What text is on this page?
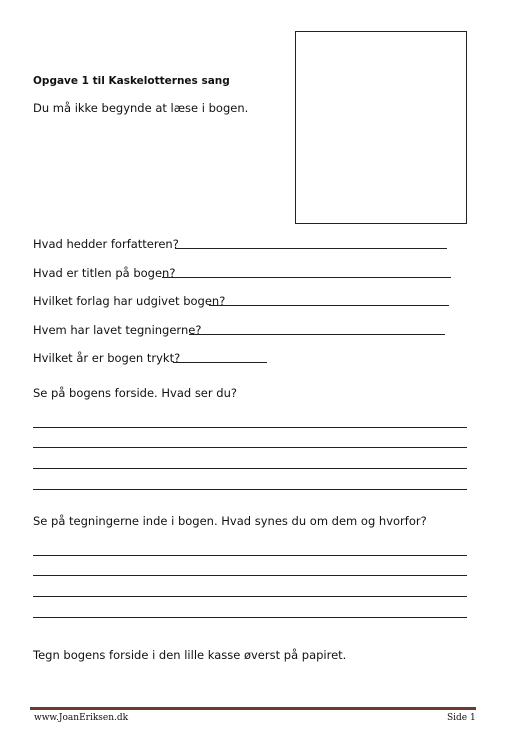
Opgave 1 til Kaskelotternes sang
Du må ikke begynde at læse i bogen.
Hvad hedder forfatteren?
Hvad er titlen på bogen?
Hvilket forlag har udgivet bogen?
Hvem har lavet tegningerne?
Hvilket år er bogen trykt?
Se på bogens forside. Hvad ser du?
Se på tegningerne inde i bogen. Hvad synes du om dem og hvorfor?
Tegn bogens forside i den lille kasse øverst på papiret.
www.JoanEriksen.dk	Side 1
